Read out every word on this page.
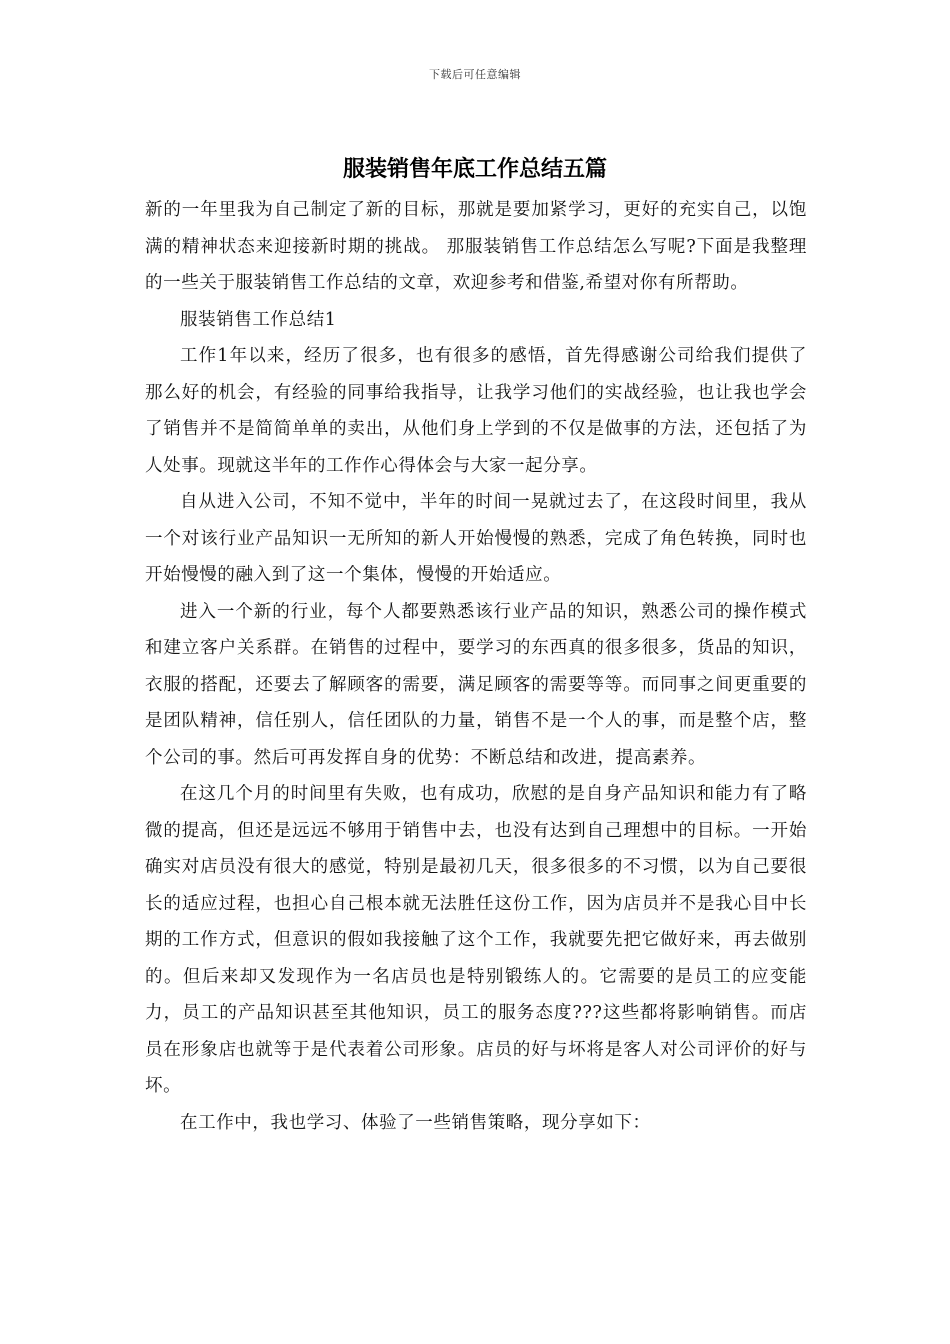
下载后可任意编辑
服装销售年底工作总结五篇

新的一年里我为自己制定了新的目标，那就是要加紧学习，更好的充实自己，以饱满的精神状态来迎接新时期的挑战。 那服装销售工作总结怎么写呢?下面是我整理的一些关于服装销售工作总结的文章，欢迎参考和借鉴,希望对你有所帮助。

服装销售工作总结1

工作1年以来，经历了很多，也有很多的感悟，首先得感谢公司给我们提供了那么好的机会，有经验的同事给我指导，让我学习他们的实战经验，也让我也学会了销售并不是简简单单的卖出，从他们身上学到的不仅是做事的方法，还包括了为人处事。现就这半年的工作作心得体会与大家一起分享。

自从进入公司，不知不觉中，半年的时间一晃就过去了，在这段时间里，我从一个对该行业产品知识一无所知的新人开始慢慢的熟悉，完成了角色转换，同时也开始慢慢的融入到了这一个集体，慢慢的开始适应。

进入一个新的行业，每个人都要熟悉该行业产品的知识，熟悉公司的操作模式和建立客户关系群。在销售的过程中，要学习的东西真的很多很多，货品的知识，衣服的搭配，还要去了解顾客的需要，满足顾客的需要等等。而同事之间更重要的是团队精神，信任别人，信任团队的力量，销售不是一个人的事，而是整个店，整个公司的事。然后可再发挥自身的优势：不断总结和改进，提高素养。

在这几个月的时间里有失败，也有成功，欣慰的是自身产品知识和能力有了略微的提高，但还是远远不够用于销售中去，也没有达到自己理想中的目标。一开始确实对店员没有很大的感觉，特别是最初几天，很多很多的不习惯，以为自己要很长的适应过程，也担心自己根本就无法胜任这份工作，因为店员并不是我心目中长期的工作方式，但意识的假如我接触了这个工作，我就要先把它做好来，再去做别的。但后来却又发现作为一名店员也是特别锻练人的。它需要的是员工的应变能力，员工的产品知识甚至其他知识，员工的服务态度???这些都将影响销售。而店员在形象店也就等于是代表着公司形象。店员的好与坏将是客人对公司评价的好与坏。

在工作中，我也学习、体验了一些销售策略，现分享如下：
